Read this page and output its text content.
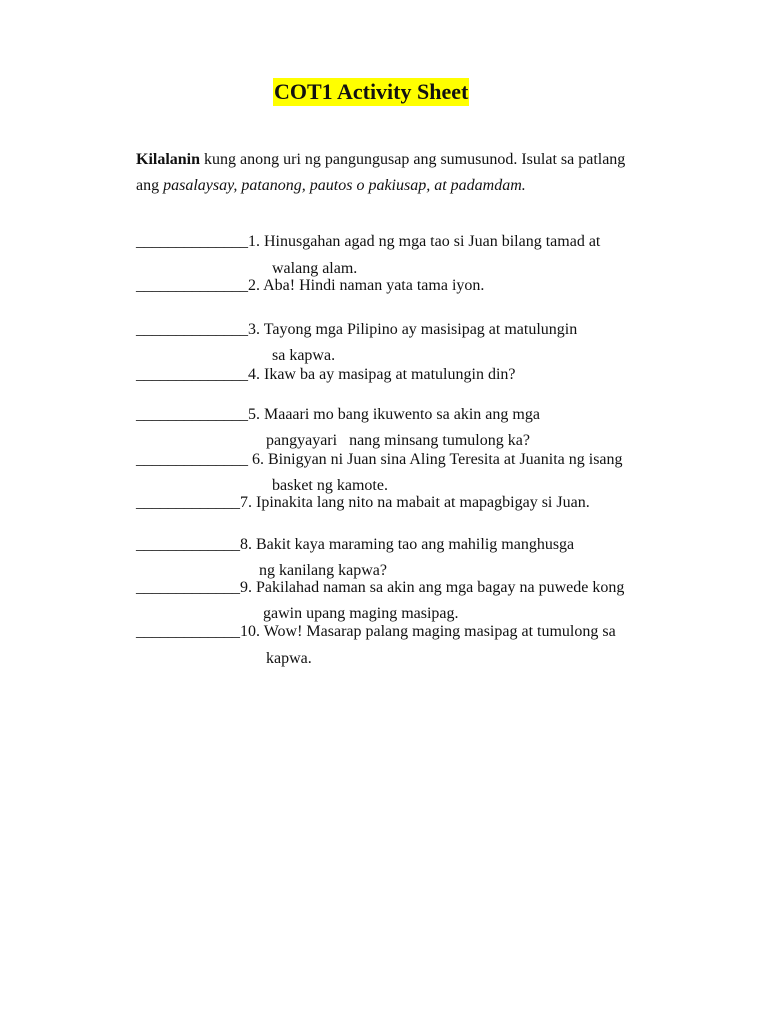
COT1 Activity Sheet
Kilalanin kung anong uri ng pangungusap ang sumusunod. Isulat sa patlang
ang pasalaysay, patanong, pautos o pakiusap, at padamdam.
______________1. Hinusgahan agad ng mga tao si Juan bilang tamad at
walang alam.
______________2. Aba! Hindi naman yata tama iyon.
______________3. Tayong mga Pilipino ay masisipag at matulungin
sa kapwa.
______________4. Ikaw ba ay masipag at matulungin din?
______________5. Maaari mo bang ikuwento sa akin ang mga
pangyayari   nang minsang tumulong ka?
______________ 6. Binigyan ni Juan sina Aling Teresita at Juanita ng isang
basket ng kamote.
_____________7. Ipinakita lang nito na mabait at mapagbigay si Juan.
_____________8. Bakit kaya maraming tao ang mahilig manghusga
ng kanilang kapwa?
_____________9. Pakilahad naman sa akin ang mga bagay na puwede kong
gawin upang maging masipag.
_____________10. Wow! Masarap palang maging masipag at tumulong sa
kapwa.
